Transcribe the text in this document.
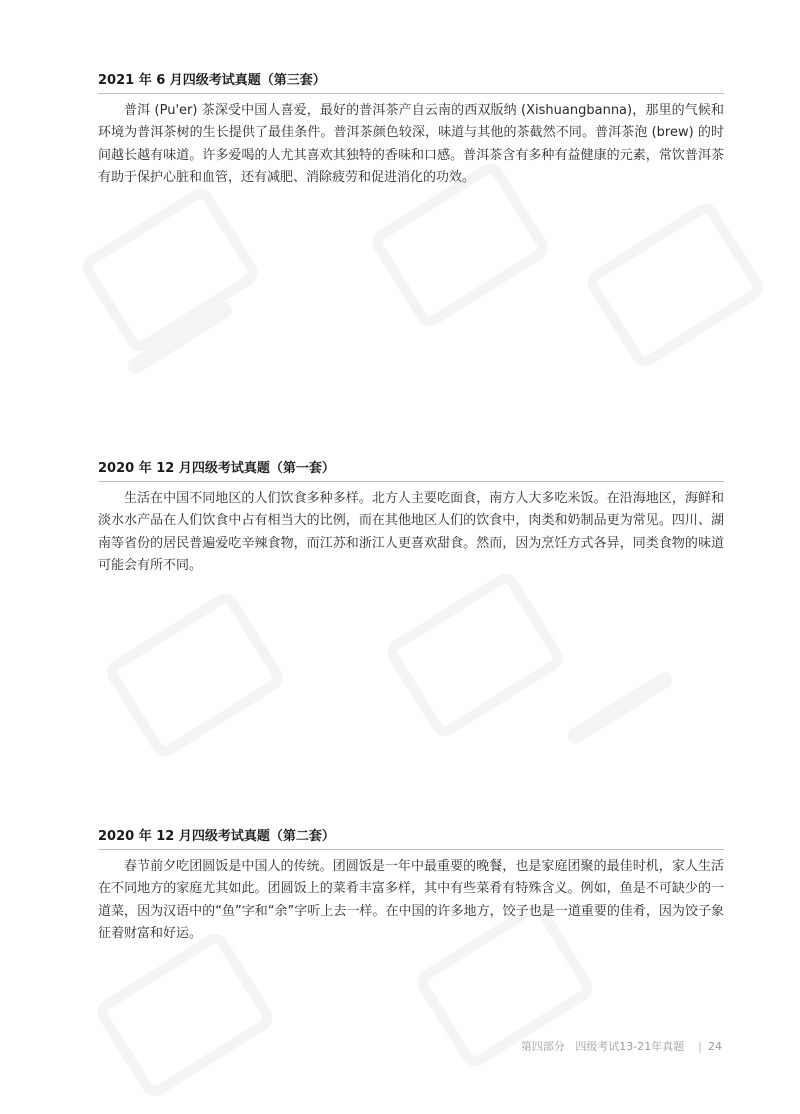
2021 年 6 月四级考试真题（第三套）

普洱 (Pu'er) 茶深受中国人喜爱，最好的普洱茶产自云南的西双版纳 (Xishuangbanna)，那里的气候和环境为普洱茶树的生长提供了最佳条件。普洱茶颜色较深，味道与其他的茶截然不同。普洱茶泡 (brew) 的时间越长越有味道。许多爱喝的人尤其喜欢其独特的香味和口感。普洱茶含有多种有益健康的元素，常饮普洱茶有助于保护心脏和血管，还有减肥、消除疲劳和促进消化的功效。

2020 年 12 月四级考试真题（第一套）

生活在中国不同地区的人们饮食多种多样。北方人主要吃面食，南方人大多吃米饭。在沿海地区，海鲜和淡水水产品在人们饮食中占有相当大的比例，而在其他地区人们的饮食中，肉类和奶制品更为常见。四川、湖南等省份的居民普遍爱吃辛辣食物，而江苏和浙江人更喜欢甜食。然而，因为烹饪方式各异，同类食物的味道可能会有所不同。

2020 年 12 月四级考试真题（第二套）

春节前夕吃团圆饭是中国人的传统。团圆饭是一年中最重要的晚餐，也是家庭团聚的最佳时机，家人生活在不同地方的家庭尤其如此。团圆饭上的菜肴丰富多样，其中有些菜肴有特殊含义。例如，鱼是不可缺少的一道菜，因为汉语中的“鱼”字和“余”字听上去一样。在中国的许多地方，饺子也是一道重要的佳肴，因为饺子象征着财富和好运。

第四部分 四级考试13-21年真题 | 24
